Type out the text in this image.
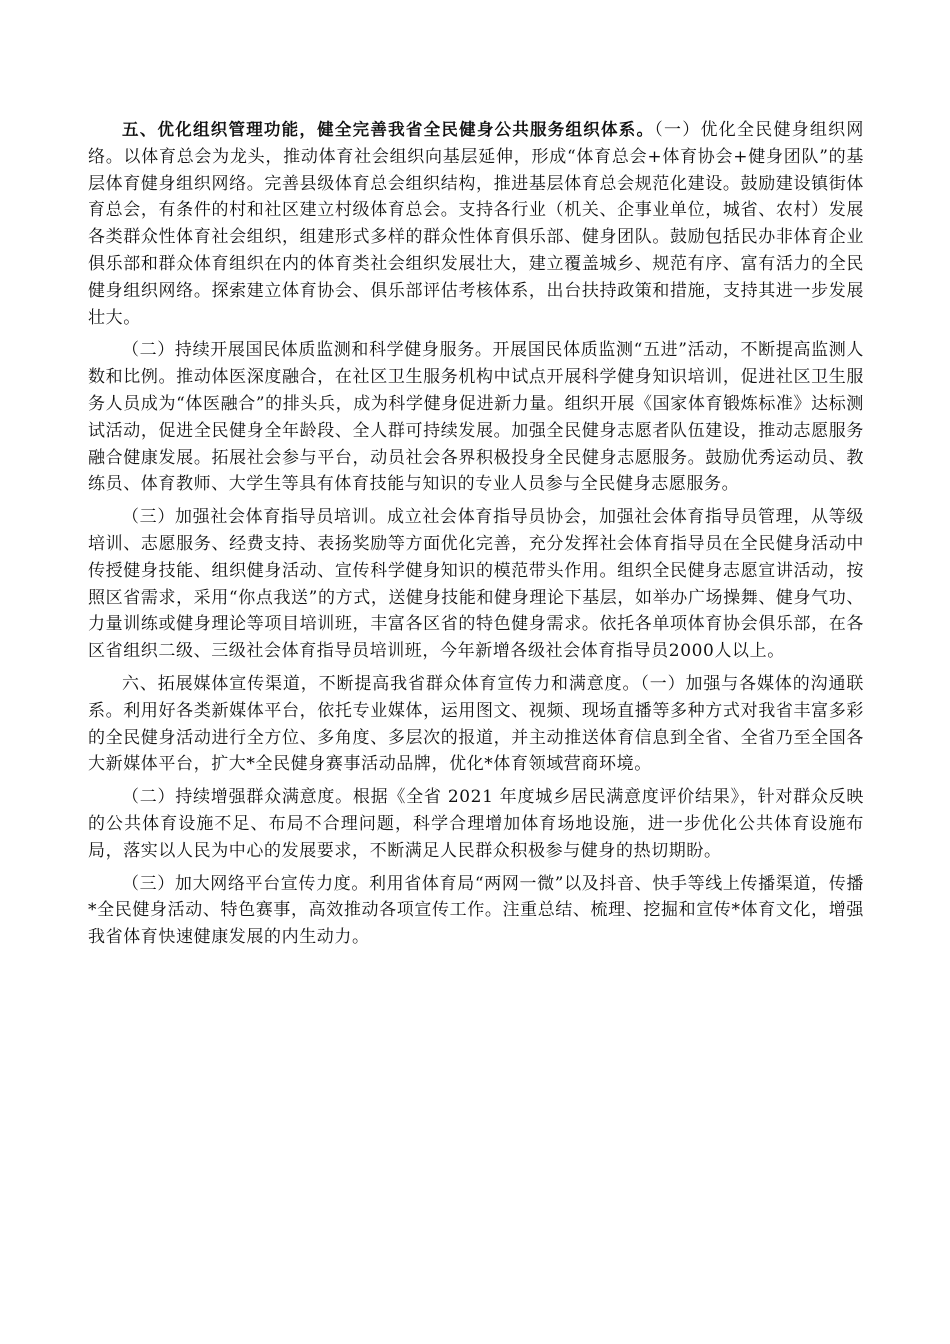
五、优化组织管理功能，健全完善我省全民健身公共服务组织体系。（一）优化全民健身组织网络。以体育总会为龙头，推动体育社会组织向基层延伸，形成“体育总会+体育协会+健身团队”的基层体育健身组织网络。完善县级体育总会组织结构，推进基层体育总会规范化建设。鼓励建设镇街体育总会，有条件的村和社区建立村级体育总会。支持各行业（机关、企事业单位，城省、农村）发展各类群众性体育社会组织，组建形式多样的群众性体育俱乐部、健身团队。鼓励包括民办非体育企业俱乐部和群众体育组织在内的体育类社会组织发展壮大，建立覆盖城乡、规范有序、富有活力的全民健身组织网络。探索建立体育协会、俱乐部评估考核体系，出台扶持政策和措施，支持其进一步发展壮大。

（二）持续开展国民体质监测和科学健身服务。开展国民体质监测“五进”活动，不断提高监测人数和比例。推动体医深度融合，在社区卫生服务机构中试点开展科学健身知识培训，促进社区卫生服务人员成为“体医融合”的排头兵，成为科学健身促进新力量。组织开展《国家体育锻炼标准》达标测试活动，促进全民健身全年龄段、全人群可持续发展。加强全民健身志愿者队伍建设，推动志愿服务融合健康发展。拓展社会参与平台，动员社会各界积极投身全民健身志愿服务。鼓励优秀运动员、教练员、体育教师、大学生等具有体育技能与知识的专业人员参与全民健身志愿服务。

（三）加强社会体育指导员培训。成立社会体育指导员协会，加强社会体育指导员管理，从等级培训、志愿服务、经费支持、表扬奖励等方面优化完善，充分发挥社会体育指导员在全民健身活动中传授健身技能、组织健身活动、宣传科学健身知识的模范带头作用。组织全民健身志愿宣讲活动，按照区省需求，采用“你点我送”的方式，送健身技能和健身理论下基层，如举办广场操舞、健身气功、力量训练或健身理论等项目培训班，丰富各区省的特色健身需求。依托各单项体育协会俱乐部，在各区省组织二级、三级社会体育指导员培训班，今年新增各级社会体育指导员2000人以上。

六、拓展媒体宣传渠道，不断提高我省群众体育宣传力和满意度。（一）加强与各媒体的沟通联系。利用好各类新媒体平台，依托专业媒体，运用图文、视频、现场直播等多种方式对我省丰富多彩的全民健身活动进行全方位、多角度、多层次的报道，并主动推送体育信息到全省、全省乃至全国各大新媒体平台，扩大*全民健身赛事活动品牌，优化*体育领域营商环境。

（二）持续增强群众满意度。根据《全省 2021 年度城乡居民满意度评价结果》，针对群众反映的公共体育设施不足、布局不合理问题，科学合理增加体育场地设施，进一步优化公共体育设施布局，落实以人民为中心的发展要求，不断满足人民群众积极参与健身的热切期盼。

（三）加大网络平台宣传力度。利用省体育局“两网一微”以及抖音、快手等线上传播渠道，传播*全民健身活动、特色赛事，高效推动各项宣传工作。注重总结、梳理、挖掘和宣传*体育文化，增强我省体育快速健康发展的内生动力。
